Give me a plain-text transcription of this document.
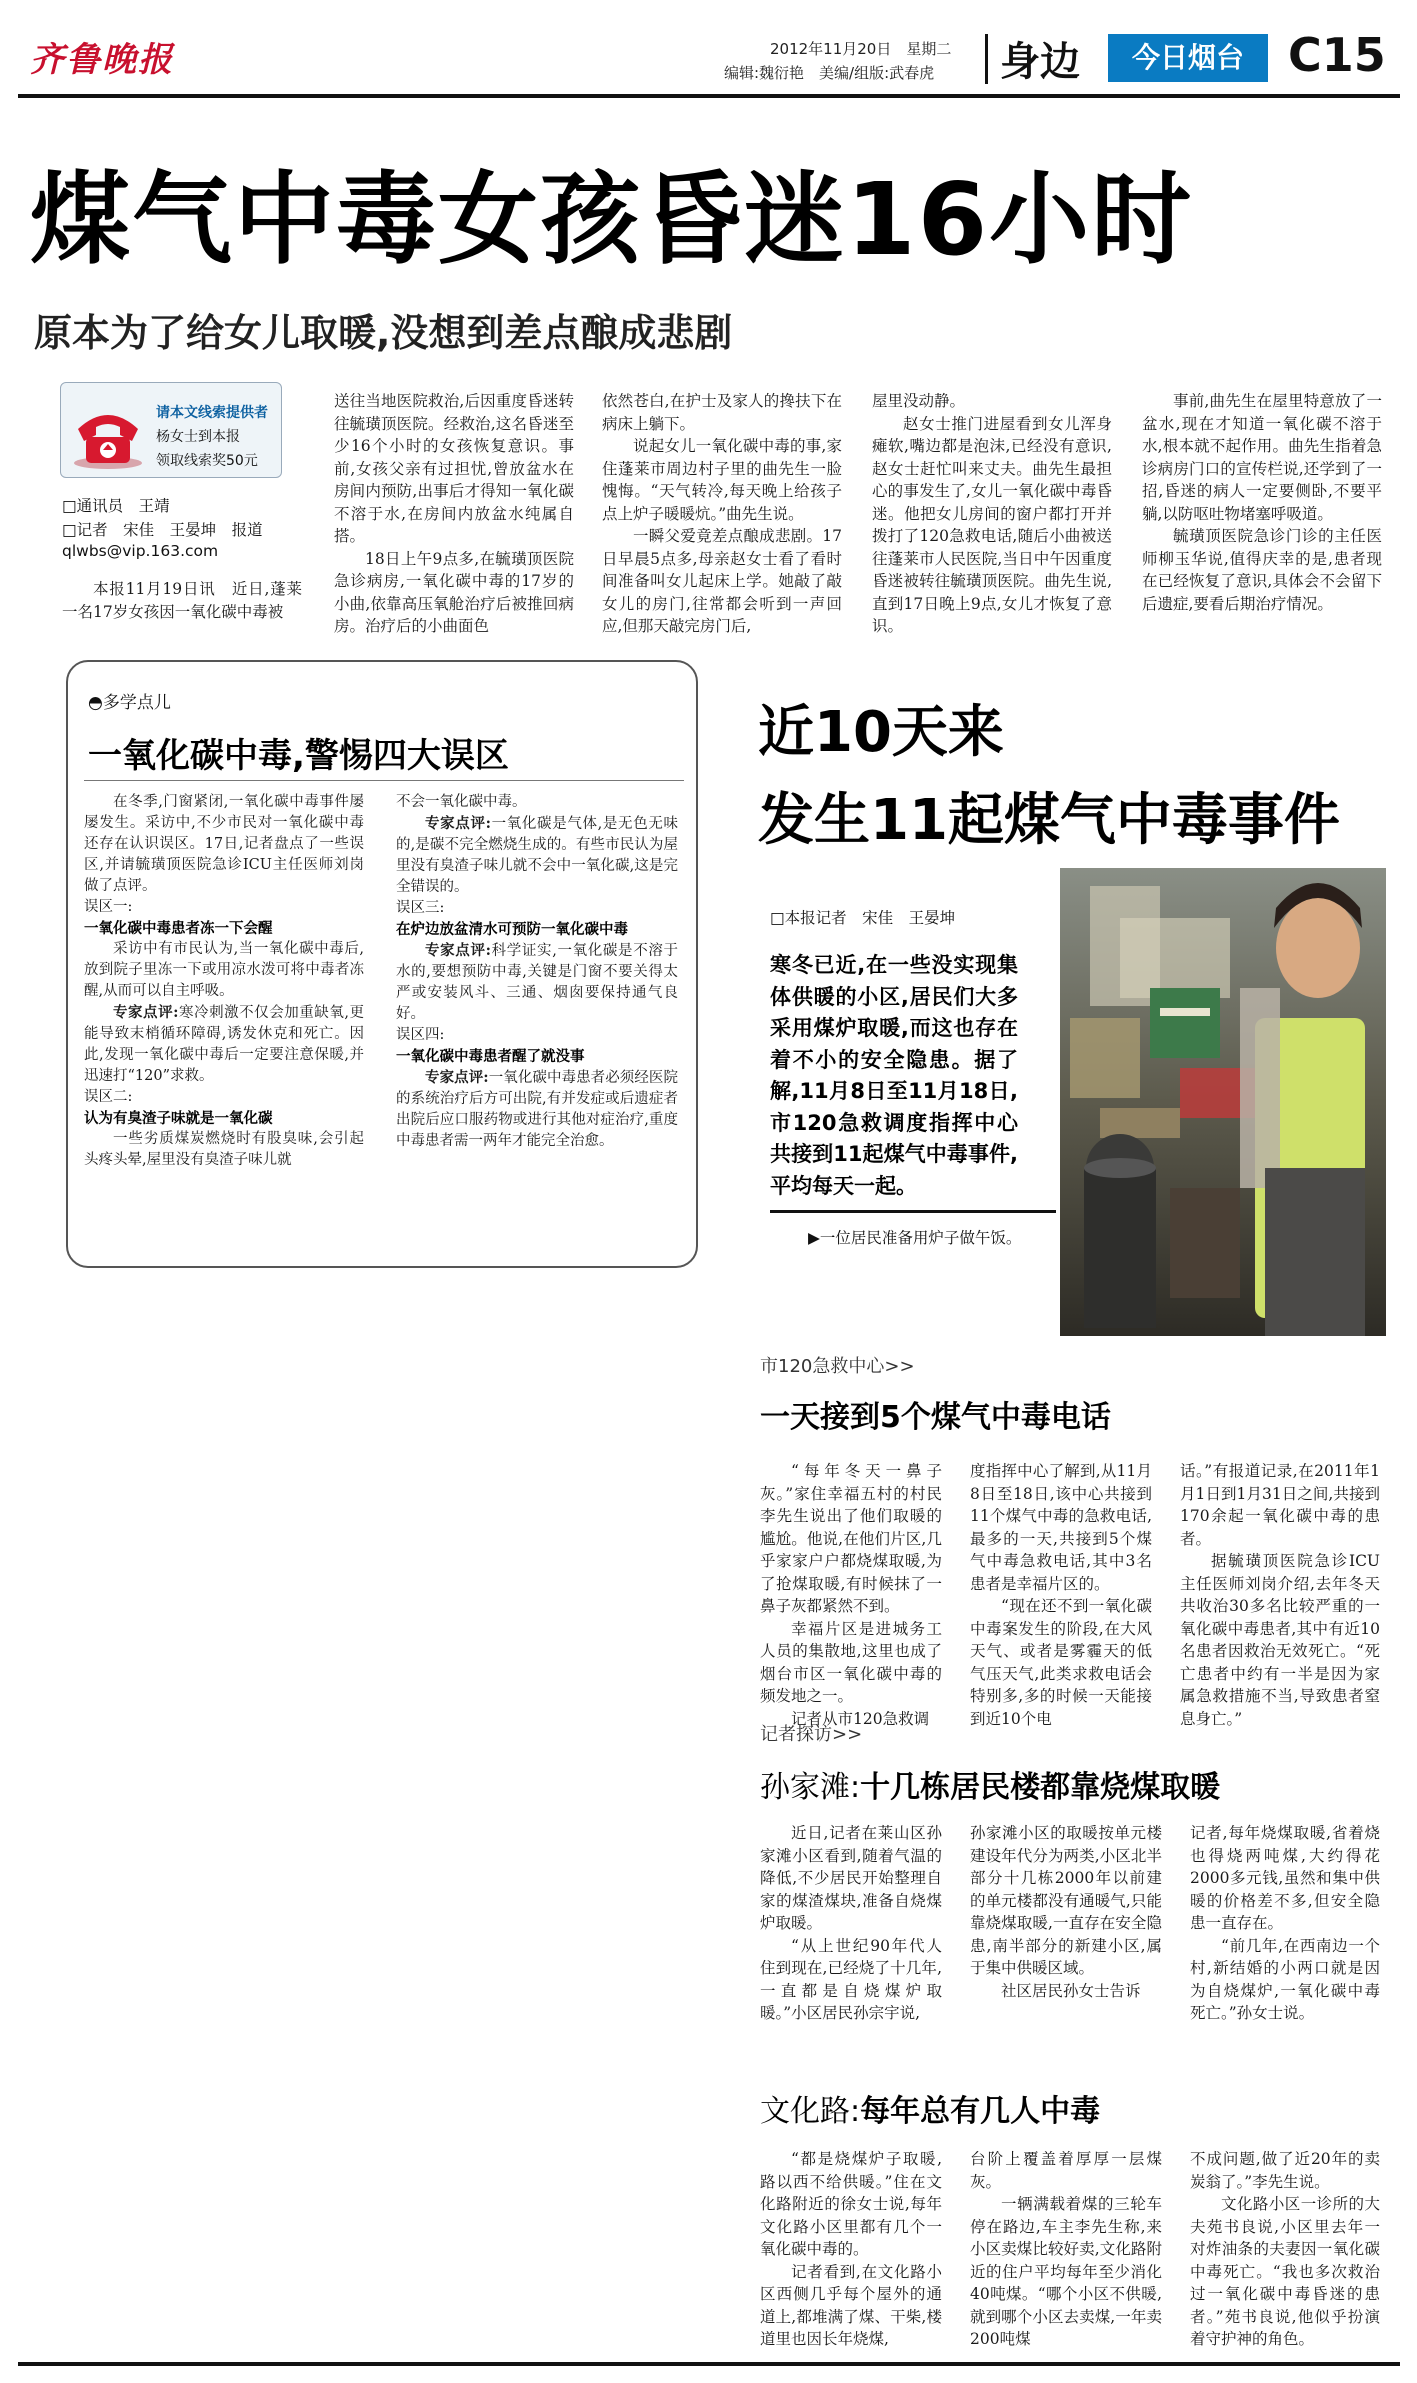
齐鲁晚报	2012年11月20日　星期二
编辑:魏衍艳　美编/组版:武春虎 身边	今日烟台 C15
煤气中毒女孩昏迷16小时
原本为了给女儿取暖,没想到差点酿成悲剧
请本文线索提供者
杨女士到本报
领取线索奖50元
□通讯员　王靖
□记者　宋佳　王晏坤　报道
qlwbs@vip.163.com

本报11月19日讯　近日,蓬莱一名17岁女孩因一氧化碳中毒被

送往当地医院救治,后因重度昏迷转往毓璜顶医院。经救治,这名昏迷至少16个小时的女孩恢复意识。事前,女孩父亲有过担忧,曾放盆水在房间内预防,出事后才得知一氧化碳不溶于水,在房间内放盆水纯属自搭。

18日上午9点多,在毓璜顶医院急诊病房,一氧化碳中毒的17岁的小曲,依靠高压氧舱治疗后被推回病房。治疗后的小曲面色

依然苍白,在护士及家人的搀扶下在病床上躺下。

说起女儿一氧化碳中毒的事,家住蓬莱市周边村子里的曲先生一脸愧悔。“天气转冷,每天晚上给孩子点上炉子暖暖炕。”曲先生说。

一瞬父爱竟差点酿成悲剧。17日早晨5点多,母亲赵女士看了看时间准备叫女儿起床上学。她敲了敲女儿的房门,往常都会听到一声回应,但那天敲完房门后,

屋里没动静。

赵女士推门进屋看到女儿浑身瘫软,嘴边都是泡沫,已经没有意识,赵女士赶忙叫来丈夫。曲先生最担心的事发生了,女儿一氧化碳中毒昏迷。他把女儿房间的窗户都打开并拨打了120急救电话,随后小曲被送往蓬莱市人民医院,当日中午因重度昏迷被转往毓璜顶医院。曲先生说,直到17日晚上9点,女儿才恢复了意识。

事前,曲先生在屋里特意放了一盆水,现在才知道一氧化碳不溶于水,根本就不起作用。曲先生指着急诊病房门口的宣传栏说,还学到了一招,昏迷的病人一定要侧卧,不要平躺,以防呕吐物堵塞呼吸道。

毓璜顶医院急诊门诊的主任医师柳玉华说,值得庆幸的是,患者现在已经恢复了意识,具体会不会留下后遗症,要看后期治疗情况。

◓多学点儿
一氧化碳中毒,警惕四大误区

在冬季,门窗紧闭,一氧化碳中毒事件屡屡发生。采访中,不少市民对一氧化碳中毒还存在认识误区。17日,记者盘点了一些误区,并请毓璜顶医院急诊ICU主任医师刘岗做了点评。

误区一:

一氧化碳中毒患者冻一下会醒

采访中有市民认为,当一氧化碳中毒后,放到院子里冻一下或用凉水泼可将中毒者冻醒,从而可以自主呼吸。

专家点评:寒冷刺激不仅会加重缺氧,更能导致末梢循环障碍,诱发休克和死亡。因此,发现一氧化碳中毒后一定要注意保暖,并迅速打“120”求救。

误区二:

认为有臭渣子味就是一氧化碳

一些劣质煤炭燃烧时有股臭味,会引起头疼头晕,屋里没有臭渣子味儿就

不会一氧化碳中毒。

专家点评:一氧化碳是气体,是无色无味的,是碳不完全燃烧生成的。有些市民认为屋里没有臭渣子味儿就不会中一氧化碳,这是完全错误的。

误区三:

在炉边放盆清水可预防一氧化碳中毒

专家点评:科学证实,一氧化碳是不溶于水的,要想预防中毒,关键是门窗不要关得太严或安装风斗、三通、烟囱要保持通气良好。

误区四:

一氧化碳中毒患者醒了就没事

专家点评:一氧化碳中毒患者必须经医院的系统治疗后方可出院,有并发症或后遗症者出院后应口服药物或进行其他对症治疗,重度中毒患者需一两年才能完全治愈。

近10天来
发生11起煤气中毒事件
□本报记者　宋佳　王晏坤
寒冬已近,在一些没实现集体供暖的小区,居民们大多采用煤炉取暖,而这也存在着不小的安全隐患。据了解,11月8日至11月18日,市120急救调度指挥中心共接到11起煤气中毒事件,平均每天一起。
▶一位居民准备用炉子做午饭。
市120急救中心>>
一天接到5个煤气中毒电话

“每年冬天一鼻子灰。”家住幸福五村的村民李先生说出了他们取暖的尴尬。他说,在他们片区,几乎家家户户都烧煤取暖,为了抢煤取暖,有时候抹了一鼻子灰都紧然不到。

幸福片区是进城务工人员的集散地,这里也成了烟台市区一氧化碳中毒的频发地之一。

记者从市120急救调

度指挥中心了解到,从11月8日至18日,该中心共接到11个煤气中毒的急救电话,最多的一天,共接到5个煤气中毒急救电话,其中3名患者是幸福片区的。

“现在还不到一氧化碳中毒案发生的阶段,在大风天气、或者是雾霾天的低气压天气,此类求救电话会特别多,多的时候一天能接到近10个电

话。”有报道记录,在2011年1月1日到1月31日之间,共接到170余起一氧化碳中毒的患者。

据毓璜顶医院急诊ICU主任医师刘岗介绍,去年冬天共收治30多名比较严重的一氧化碳中毒患者,其中有近10名患者因救治无效死亡。“死亡患者中约有一半是因为家属急救措施不当,导致患者窒息身亡。”

记者探访>>
孙家滩:十几栋居民楼都靠烧煤取暖

近日,记者在莱山区孙家滩小区看到,随着气温的降低,不少居民开始整理自家的煤渣煤块,准备自烧煤炉取暖。

“从上世纪90年代人住到现在,已经烧了十几年,一直都是自烧煤炉取暖。”小区居民孙宗宇说,

孙家滩小区的取暖按单元楼建设年代分为两类,小区北半部分十几栋2000年以前建的单元楼都没有通暖气,只能靠烧煤取暖,一直存在安全隐患,南半部分的新建小区,属于集中供暖区域。

社区居民孙女士告诉

记者,每年烧煤取暖,省着烧也得烧两吨煤,大约得花2000多元钱,虽然和集中供暖的价格差不多,但安全隐患一直存在。

“前几年,在西南边一个村,新结婚的小两口就是因为自烧煤炉,一氧化碳中毒死亡。”孙女士说。

文化路:每年总有几人中毒

“都是烧煤炉子取暖,路以西不给供暖。”住在文化路附近的徐女士说,每年文化路小区里都有几个一氧化碳中毒的。

记者看到,在文化路小区西侧几乎每个屋外的通道上,都堆满了煤、干柴,楼道里也因长年烧煤,

台阶上覆盖着厚厚一层煤灰。

一辆满载着煤的三轮车停在路边,车主李先生称,来小区卖煤比较好卖,文化路附近的住户平均每年至少消化40吨煤。“哪个小区不供暖,就到哪个小区去卖煤,一年卖200吨煤

不成问题,做了近20年的卖炭翁了。”李先生说。

文化路小区一诊所的大夫苑书良说,小区里去年一对炸油条的夫妻因一氧化碳中毒死亡。“我也多次救治过一氧化碳中毒昏迷的患者。”苑书良说,他似乎扮演着守护神的角色。
